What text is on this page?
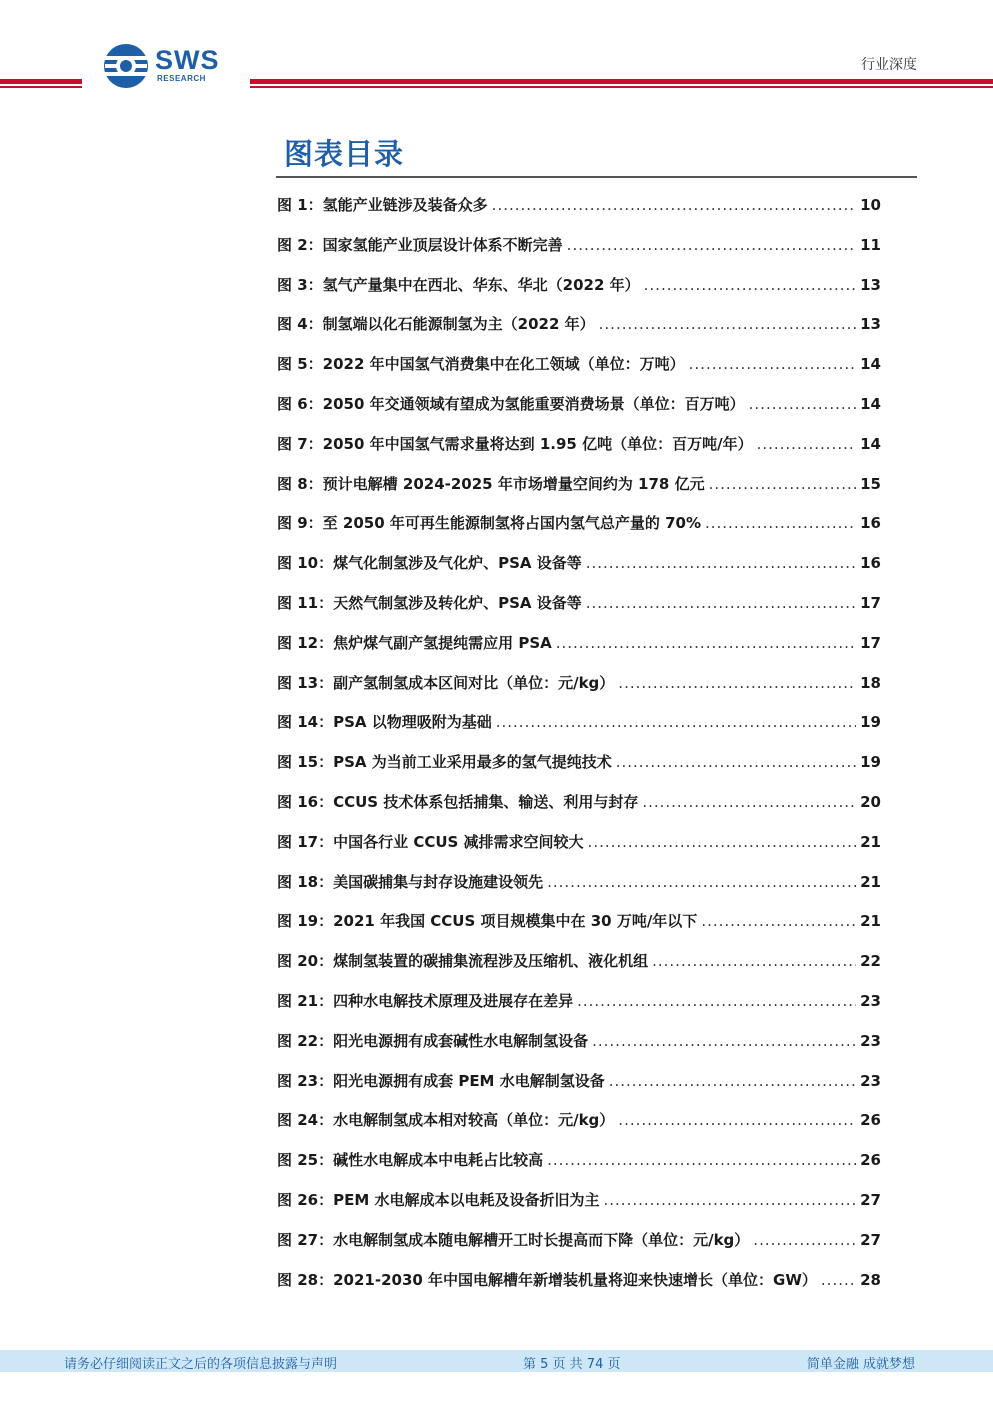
SWS
RESEARCH
行业深度
图表目录
图 1：氢能产业链涉及装备众多 .....	10
图 2：国家氢能产业顶层设计体系不断完善 .....	11
图 3：氢气产量集中在西北、华东、华北（2022 年） .....	13
图 4：制氢端以化石能源制氢为主（2022 年） .....	13
图 5：2022 年中国氢气消费集中在化工领域（单位：万吨） .....	14
图 6：2050 年交通领域有望成为氢能重要消费场景（单位：百万吨） .....	14
图 7：2050 年中国氢气需求量将达到 1.95 亿吨（单位：百万吨/年） .....	14
图 8：预计电解槽 2024-2025 年市场增量空间约为 178 亿元 .....	15
图 9：至 2050 年可再生能源制氢将占国内氢气总产量的 70% .....	16
图 10：煤气化制氢涉及气化炉、PSA 设备等 .....	16
图 11：天然气制氢涉及转化炉、PSA 设备等 .....	17
图 12：焦炉煤气副产氢提纯需应用 PSA .....	17
图 13：副产氢制氢成本区间对比（单位：元/kg） .....	18
图 14：PSA 以物理吸附为基础 .....	19
图 15：PSA 为当前工业采用最多的氢气提纯技术 .....	19
图 16：CCUS 技术体系包括捕集、输送、利用与封存 .....	20
图 17：中国各行业 CCUS 减排需求空间较大 .....	21
图 18：美国碳捕集与封存设施建设领先 .....	21
图 19：2021 年我国 CCUS 项目规模集中在 30 万吨/年以下 .....	21
图 20：煤制氢装置的碳捕集流程涉及压缩机、液化机组 .....	22
图 21：四种水电解技术原理及进展存在差异 .....	23
图 22：阳光电源拥有成套碱性水电解制氢设备 .....	23
图 23：阳光电源拥有成套 PEM 水电解制氢设备 .....	23
图 24：水电解制氢成本相对较高（单位：元/kg） .....	26
图 25：碱性水电解成本中电耗占比较高 .....	26
图 26：PEM 水电解成本以电耗及设备折旧为主 .....	27
图 27：水电解制氢成本随电解槽开工时长提高而下降（单位：元/kg） .....	27
图 28：2021-2030 年中国电解槽年新增装机量将迎来快速增长（单位：GW） .....	28
请务必仔细阅读正文之后的各项信息披露与声明	第 5 页 共 74 页	简单金融 成就梦想
